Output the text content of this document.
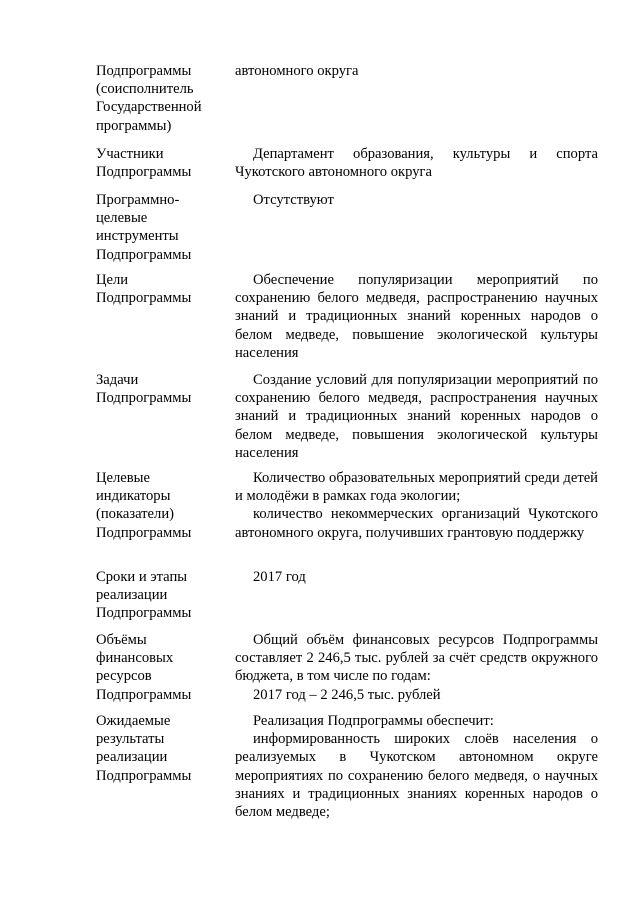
Подпрограммы
(соисполнитель
Государственной
программы)
автономного округа
Участники
Подпрограммы
Департамент образования, культуры и спорта
Чукотского автономного округа
Программно-
целевые
инструменты
Подпрограммы
Отсутствуют
Цели
Подпрограммы
Обеспечение популяризации мероприятий по сохранению белого медведя, распространению научных знаний и традиционных знаний коренных народов о белом медведе, повышение экологической культуры населения
Задачи
Подпрограммы
Создание условий для популяризации мероприятий по сохранению белого медведя, распространения научных знаний и традиционных знаний коренных народов о белом медведе, повышения экологической культуры населения
Целевые
индикаторы
(показатели)
Подпрограммы
Количество образовательных мероприятий среди детей и молодёжи в рамках года экологии;
количество некоммерческих организаций Чукотского автономного округа, получивших грантовую поддержку
Сроки и этапы
реализации
Подпрограммы
2017 год
Объёмы
финансовых
ресурсов
Подпрограммы
Общий объём финансовых ресурсов Подпрограммы составляет 2 246,5 тыс. рублей за счёт средств окружного бюджета, в том числе по годам:
2017 год – 2 246,5 тыс. рублей
Ожидаемые
результаты
реализации
Подпрограммы
Реализация Подпрограммы обеспечит:
информированность широких слоёв населения о реализуемых в Чукотском автономном округе мероприятиях по сохранению белого медведя, о научных знаниях и традиционных знаниях коренных народов о белом медведе;
